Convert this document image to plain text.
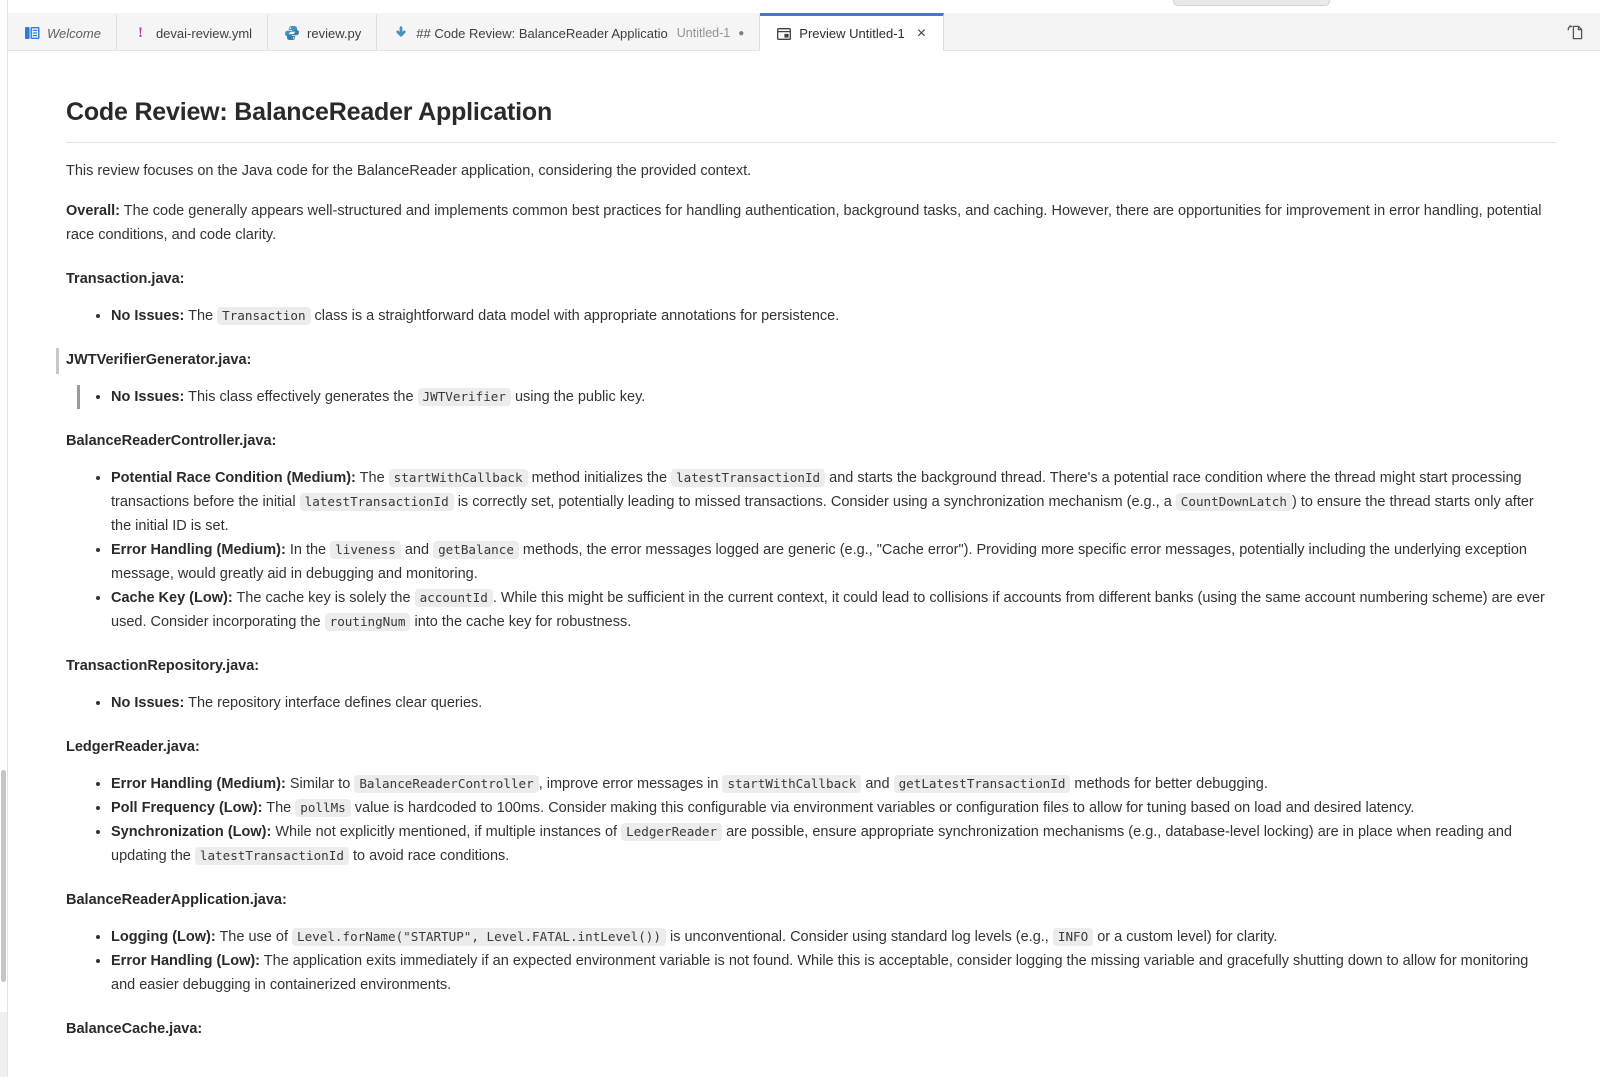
Welcome ! devai-review.yml	review.py	## Code Review: BalanceReader Applicatio Untitled-1 ●	Preview Untitled-1 ×
Code Review: BalanceReader Application

This review focuses on the Java code for the BalanceReader application, considering the provided context.

Overall: The code generally appears well-structured and implements common best practices for handling authentication, background tasks, and caching. However, there are opportunities for improvement in error handling, potential race conditions, and code clarity.

Transaction.java:

• No Issues: The Transaction class is a straightforward data model with appropriate annotations for persistence.

JWTVerifierGenerator.java:

• No Issues: This class effectively generates the JWTVerifier using the public key.

BalanceReaderController.java:

• Potential Race Condition (Medium): The startWithCallback method initializes the latestTransactionId and starts the background thread. There's a potential race condition where the thread might start processing transactions before the initial latestTransactionId is correctly set, potentially leading to missed transactions. Consider using a synchronization mechanism (e.g., a CountDownLatch ) to ensure the thread starts only after the initial ID is set.
• Error Handling (Medium): In the liveness and getBalance methods, the error messages logged are generic (e.g., "Cache error"). Providing more specific error messages, potentially including the underlying exception message, would greatly aid in debugging and monitoring.
• Cache Key (Low): The cache key is solely the accountId . While this might be sufficient in the current context, it could lead to collisions if accounts from different banks (using the same account numbering scheme) are ever used. Consider incorporating the routingNum into the cache key for robustness.

TransactionRepository.java:

• No Issues: The repository interface defines clear queries.

LedgerReader.java:

• Error Handling (Medium): Similar to BalanceReaderController , improve error messages in startWithCallback and getLatestTransactionId methods for better debugging.
• Poll Frequency (Low): The pollMs value is hardcoded to 100ms. Consider making this configurable via environment variables or configuration files to allow for tuning based on load and desired latency.
• Synchronization (Low): While not explicitly mentioned, if multiple instances of LedgerReader are possible, ensure appropriate synchronization mechanisms (e.g., database-level locking) are in place when reading and updating the latestTransactionId to avoid race conditions.

BalanceReaderApplication.java:

• Logging (Low): The use of Level.forName("STARTUP", Level.FATAL.intLevel()) is unconventional. Consider using standard log levels (e.g., INFO or a custom level) for clarity.
• Error Handling (Low): The application exits immediately if an expected environment variable is not found. While this is acceptable, consider logging the missing variable and gracefully shutting down to allow for monitoring and easier debugging in containerized environments.

BalanceCache.java:
